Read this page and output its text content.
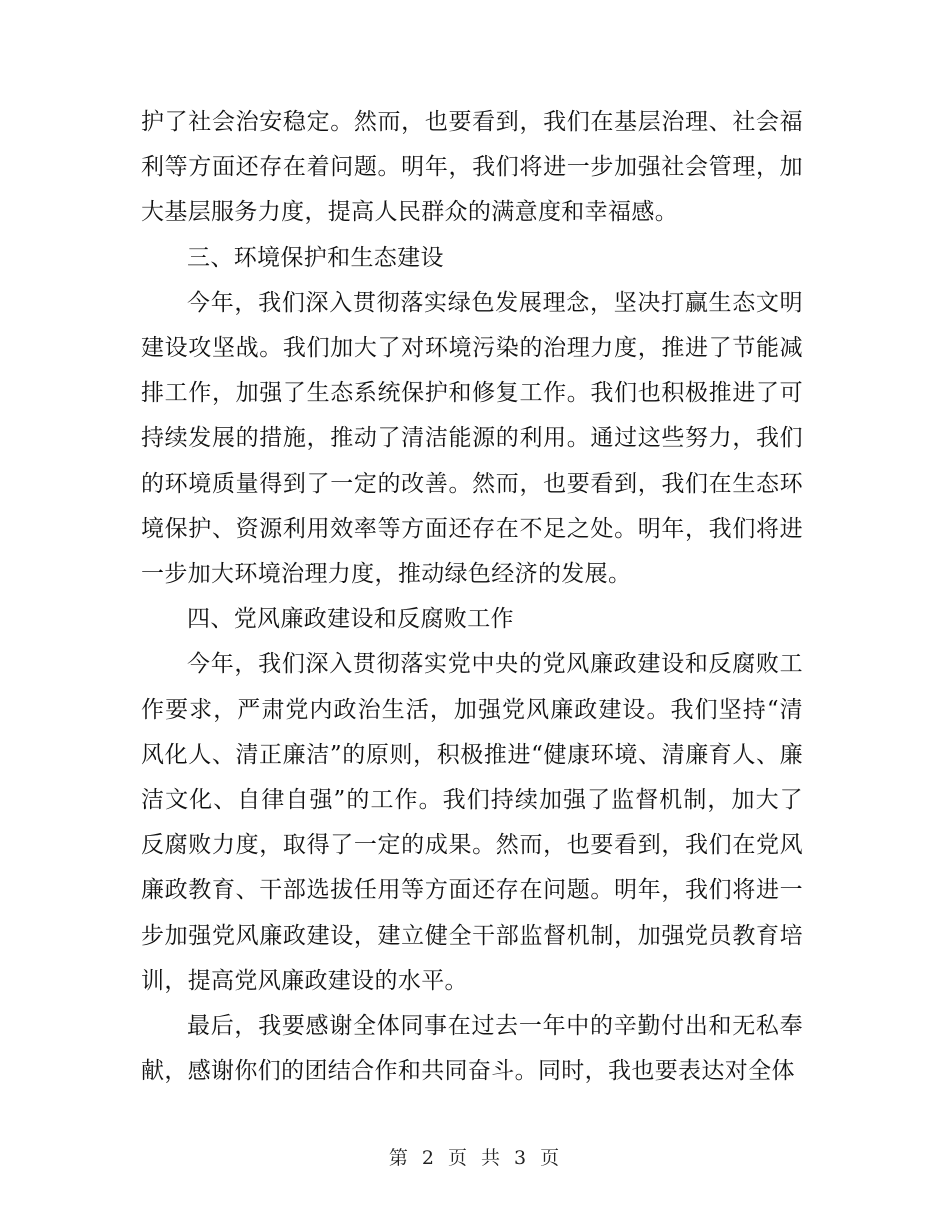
护了社会治安稳定。然而，也要看到，我们在基层治理、社会福利等方面还存在着问题。明年，我们将进一步加强社会管理，加大基层服务力度，提高人民群众的满意度和幸福感。

三、环境保护和生态建设

今年，我们深入贯彻落实绿色发展理念，坚决打赢生态文明建设攻坚战。我们加大了对环境污染的治理力度，推进了节能减排工作，加强了生态系统保护和修复工作。我们也积极推进了可持续发展的措施，推动了清洁能源的利用。通过这些努力，我们的环境质量得到了一定的改善。然而，也要看到，我们在生态环境保护、资源利用效率等方面还存在不足之处。明年，我们将进一步加大环境治理力度，推动绿色经济的发展。

四、党风廉政建设和反腐败工作

今年，我们深入贯彻落实党中央的党风廉政建设和反腐败工作要求，严肃党内政治生活，加强党风廉政建设。我们坚持“清风化人、清正廉洁”的原则，积极推进“健康环境、清廉育人、廉洁文化、自律自强”的工作。我们持续加强了监督机制，加大了反腐败力度，取得了一定的成果。然而，也要看到，我们在党风廉政教育、干部选拔任用等方面还存在问题。明年，我们将进一步加强党风廉政建设，建立健全干部监督机制，加强党员教育培训，提高党风廉政建设的水平。

最后，我要感谢全体同事在过去一年中的辛勤付出和无私奉献，感谢你们的团结合作和共同奋斗。同时，我也要表达对全体

第 2 页 共 3 页
